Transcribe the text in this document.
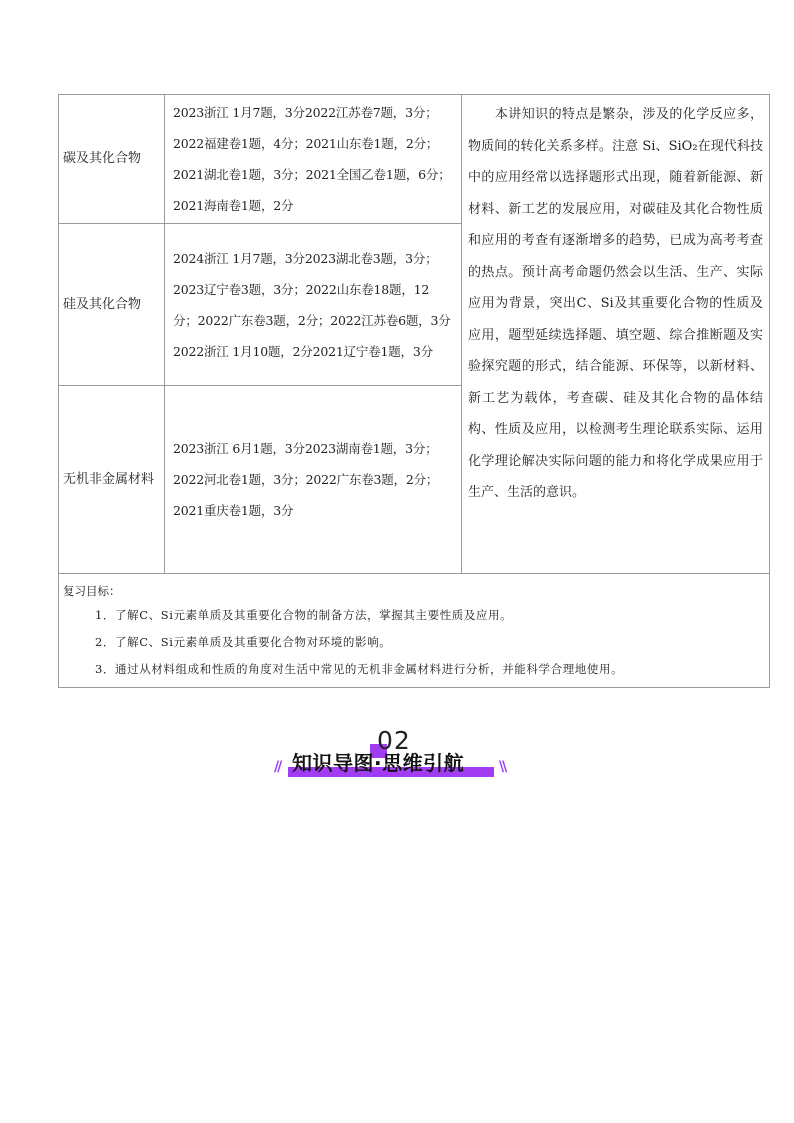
碳及其化合物	2023浙江 1月7题，3分2022江苏卷7题，3分；2022福建卷1题，4分；2021山东卷1题，2分；2021湖北卷1题，3分；2021全国乙卷1题，6分；2021海南卷1题，2分	　　本讲知识的特点是繁杂，涉及的化学反应多，物质间的转化关系多样。注意 Si、SiO₂在现代科技中的应用经常以选择题形式出现，随着新能源、新材料、新工艺的发展应用，对碳硅及其化合物性质和应用的考查有逐渐增多的趋势，已成为高考考查的热点。预计高考命题仍然会以生活、生产、实际应用为背景，突出C、Si及其重要化合物的性质及应用，题型延续选择题、填空题、综合推断题及实验探究题的形式，结合能源、环保等，以新材料、新工艺为载体，考查碳、硅及其化合物的晶体结构、性质及应用，以检测考生理论联系实际、运用化学理论解决实际问题的能力和将化学成果应用于生产、生活的意识。
硅及其化合物	2024浙江 1月7题，3分2023湖北卷3题，3分；2023辽宁卷3题，3分；2022山东卷18题，12分；2022广东卷3题，2分；2022江苏卷6题，3分2022浙江 1月10题，2分2021辽宁卷1题，3分	
无机非金属材料	2023浙江 6月1题，3分2023湖南卷1题，3分；2022河北卷1题，3分；2022广东卷3题，2分；2021重庆卷1题，3分	

复习目标：
1．了解C、Si元素单质及其重要化合物的制备方法，掌握其主要性质及应用。
2．了解C、Si元素单质及其重要化合物对环境的影响。
3．通过从材料组成和性质的角度对生活中常见的无机非金属材料进行分析，并能科学合理地使用。		
02
// 知识导图·思维引航 \\
